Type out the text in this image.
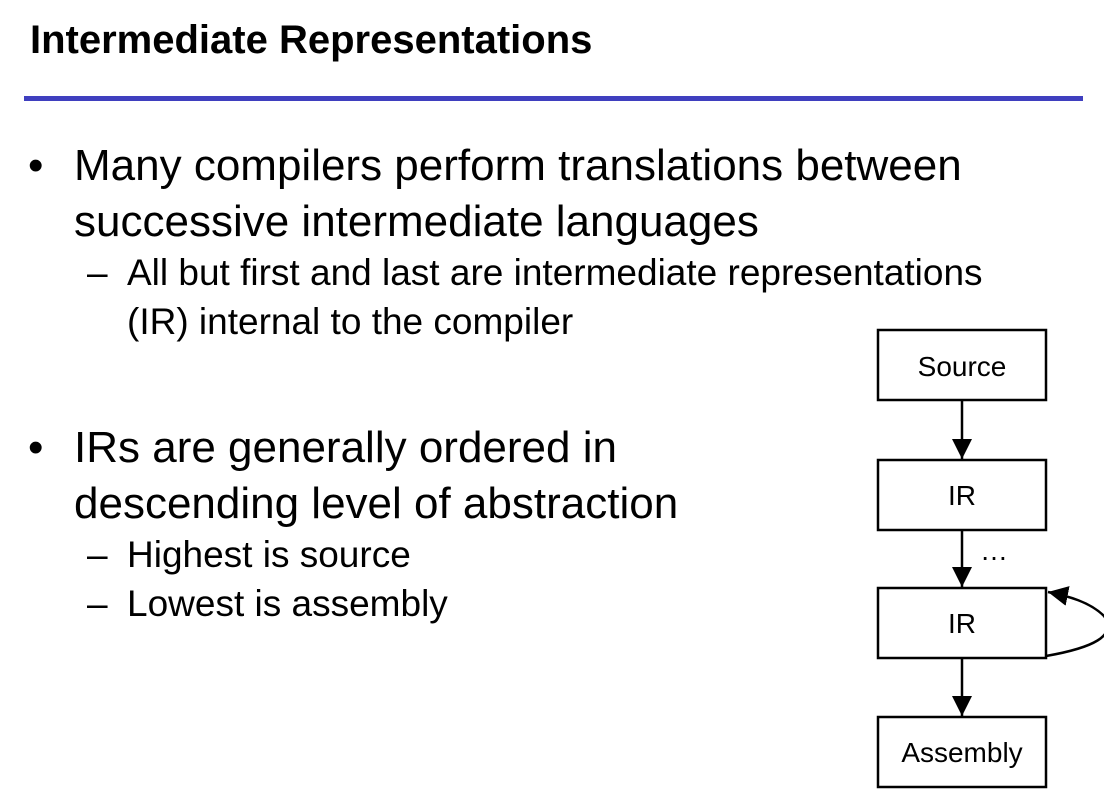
Intermediate Representations
• Many compilers perform translations between
successive intermediate languages
– All but first and last are intermediate representations
(IR) internal to the compiler
• IRs are generally ordered in
descending level of abstraction
– Highest is source
– Lowest is assembly
Source
IR
IR
Assembly
…
